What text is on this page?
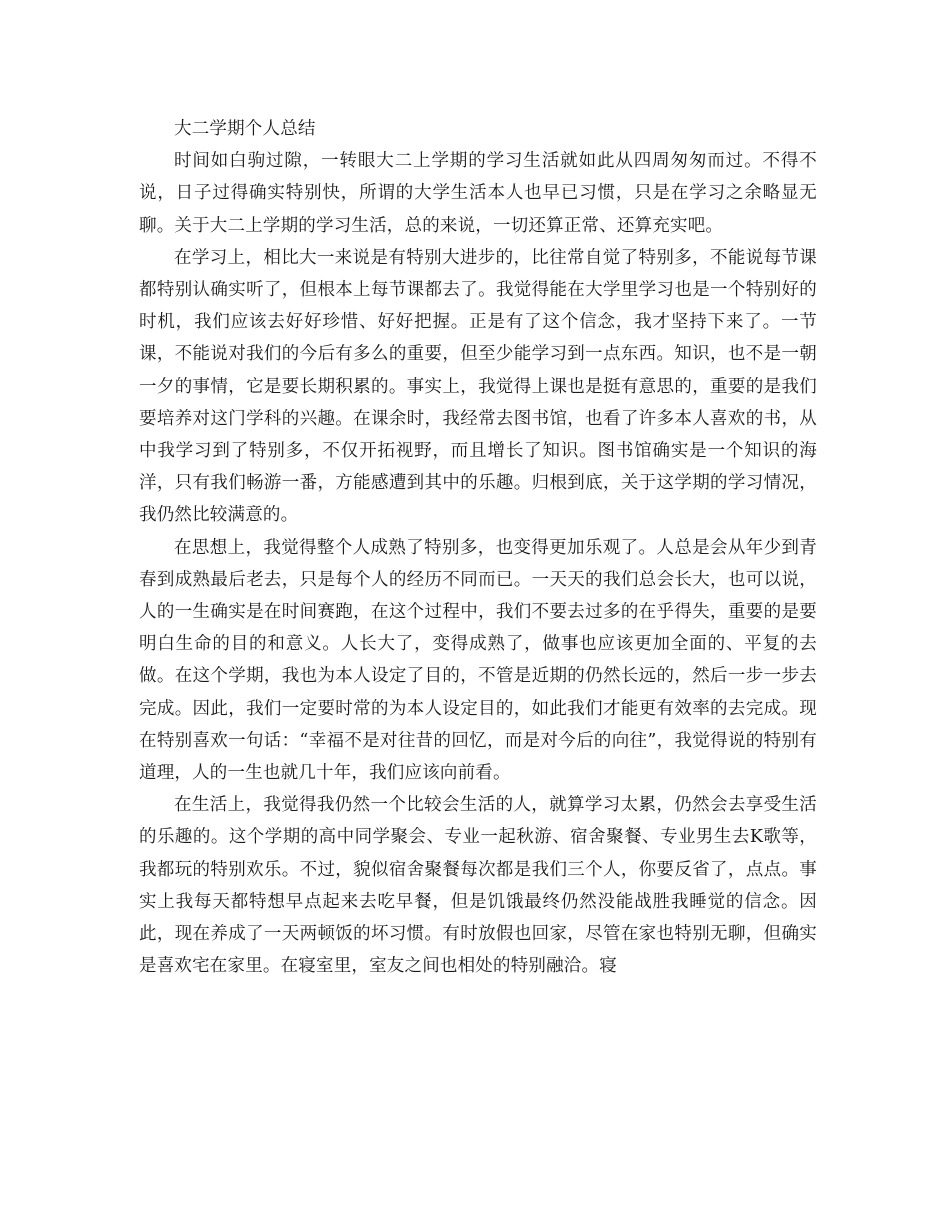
大二学期个人总结

时间如白驹过隙，一转眼大二上学期的学习生活就如此从四周匆匆而过。不得不说，日子过得确实特别快，所谓的大学生活本人也早已习惯，只是在学习之余略显无聊。关于大二上学期的学习生活，总的来说，一切还算正常、还算充实吧。

在学习上，相比大一来说是有特别大进步的，比往常自觉了特别多，不能说每节课都特别认确实听了，但根本上每节课都去了。我觉得能在大学里学习也是一个特别好的时机，我们应该去好好珍惜、好好把握。正是有了这个信念，我才坚持下来了。一节课，不能说对我们的今后有多么的重要，但至少能学习到一点东西。知识，也不是一朝一夕的事情，它是要长期积累的。事实上，我觉得上课也是挺有意思的，重要的是我们要培养对这门学科的兴趣。在课余时，我经常去图书馆，也看了许多本人喜欢的书，从中我学习到了特别多，不仅开拓视野，而且增长了知识。图书馆确实是一个知识的海洋，只有我们畅游一番，方能感遭到其中的乐趣。归根到底，关于这学期的学习情况，我仍然比较满意的。

在思想上，我觉得整个人成熟了特别多，也变得更加乐观了。人总是会从年少到青春到成熟最后老去，只是每个人的经历不同而已。一天天的我们总会长大，也可以说，人的一生确实是在时间赛跑，在这个过程中，我们不要去过多的在乎得失，重要的是要明白生命的目的和意义。人长大了，变得成熟了，做事也应该更加全面的、平复的去做。在这个学期，我也为本人设定了目的，不管是近期的仍然长远的，然后一步一步去完成。因此，我们一定要时常的为本人设定目的，如此我们才能更有效率的去完成。现在特别喜欢一句话：“幸福不是对往昔的回忆，而是对今后的向往”，我觉得说的特别有道理，人的一生也就几十年，我们应该向前看。

在生活上，我觉得我仍然一个比较会生活的人，就算学习太累，仍然会去享受生活的乐趣的。这个学期的高中同学聚会、专业一起秋游、宿舍聚餐、专业男生去K歌等，我都玩的特别欢乐。不过，貌似宿舍聚餐每次都是我们三个人，你要反省了，点点。事实上我每天都特想早点起来去吃早餐，但是饥饿最终仍然没能战胜我睡觉的信念。因此，现在养成了一天两顿饭的坏习惯。有时放假也回家，尽管在家也特别无聊，但确实是喜欢宅在家里。在寝室里，室友之间也相处的特别融洽。寝
